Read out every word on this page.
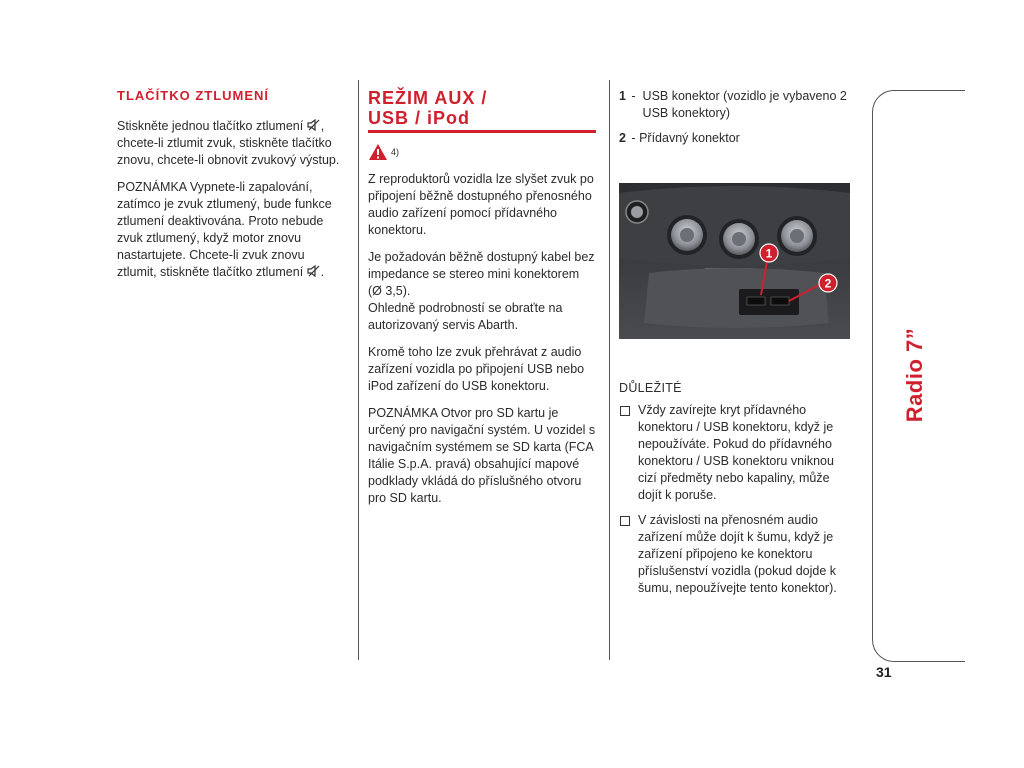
TLAČÍTKO ZTLUMENÍ

Stiskněte jednou tlačítko ztlumení , chcete-li ztlumit zvuk, stiskněte tlačítko znovu, chcete-li obnovit zvukový výstup.

POZNÁMKA Vypnete-li zapalování, zatímco je zvuk ztlumený, bude funkce ztlumení deaktivována. Proto nebude zvuk ztlumený, když motor znovu nastartujete. Chcete-li zvuk znovu ztlumit, stiskněte tlačítko ztlumení .

REŽIM AUX /
USB / iPod
4)

Z reproduktorů vozidla lze slyšet zvuk po připojení běžně dostupného přenosného audio zařízení pomocí přídavného konektoru.

Je požadován běžně dostupný kabel bez impedance se stereo mini konektorem (Ø 3,5).
Ohledně podrobností se obraťte na autorizovaný servis Abarth.

Kromě toho lze zvuk přehrávat z audio zařízení vozidla po připojení USB nebo iPod zařízení do USB konektoru.

POZNÁMKA Otvor pro SD kartu je určený pro navigační systém. U vozidel s navigačním systémem se SD karta (FCA Itálie S.p.A. pravá) obsahující mapové podklady vkládá do příslušného otvoru pro SD kartu.

1 - USB konektor (vozidlo je vybaveno 2 USB konektory)
2 - Přídavný konektor
1
2
DŮLEŽITÉ
Vždy zavírejte kryt přídavného konektoru / USB konektoru, když je nepoužíváte. Pokud do přídavného konektoru / USB konektoru vniknou cizí předměty nebo kapaliny, může dojít k poruše.
V závislosti na přenosném audio zařízení může dojít k šumu, když je zařízení připojeno ke konektoru příslušenství vozidla (pokud dojde k šumu, nepoužívejte tento konektor).
Radio 7”
31
